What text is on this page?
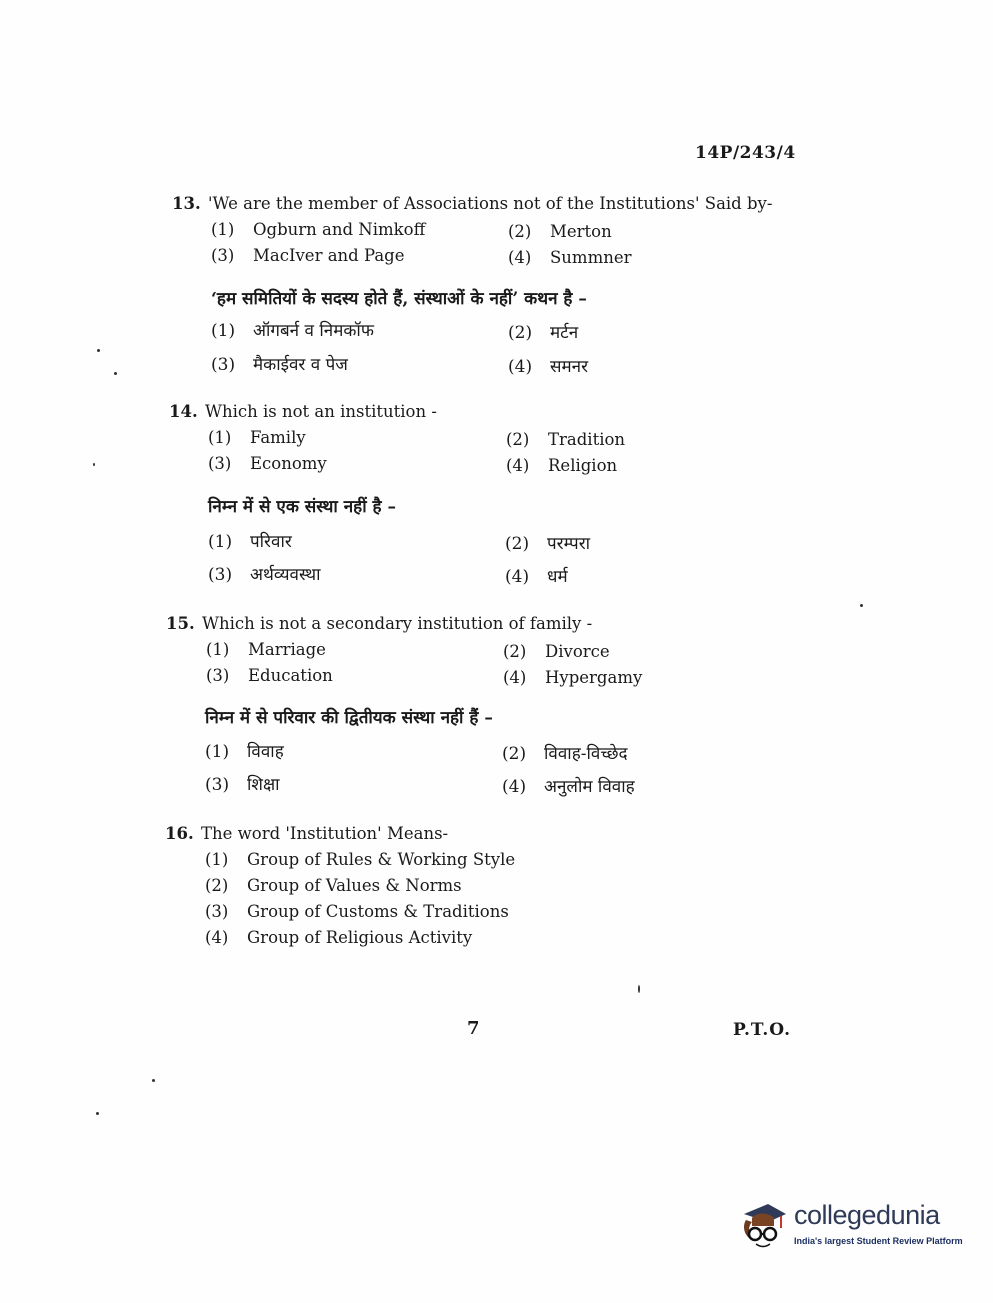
14P/243/4
13. 'We are the member of Associations not of the Institutions' Said by-
(1) Ogburn and Nimkoff	(2) Merton
(3) MacIver and Page	(4) Summner
‘हम समितियों के सदस्य होते हैं, संस्थाओं के नहीं’ कथन है –
(1) ऑगबर्न व निमकॉफ	(2) मर्टन
(3) मैकाईवर व पेज	(4) समनर
14. Which is not an institution -
(1) Family	(2) Tradition
(3) Economy	(4) Religion
निम्न में से एक संस्था नहीं है –
(1) परिवार	(2) परम्परा
(3) अर्थव्यवस्था	(4) धर्म
15. Which is not a secondary institution of family -
(1) Marriage	(2) Divorce
(3) Education	(4) Hypergamy
निम्न में से परिवार की द्वितीयक संस्था नहीं हैं –
(1) विवाह	(2) विवाह-विच्छेद
(3) शिक्षा	(4) अनुलोम विवाह
16. The word 'Institution' Means-
(1) Group of Rules & Working Style
(2) Group of Values & Norms
(3) Group of Customs & Traditions
(4) Group of Religious Activity
7	P.T.O.
collegedunia
India's largest Student Review Platform
